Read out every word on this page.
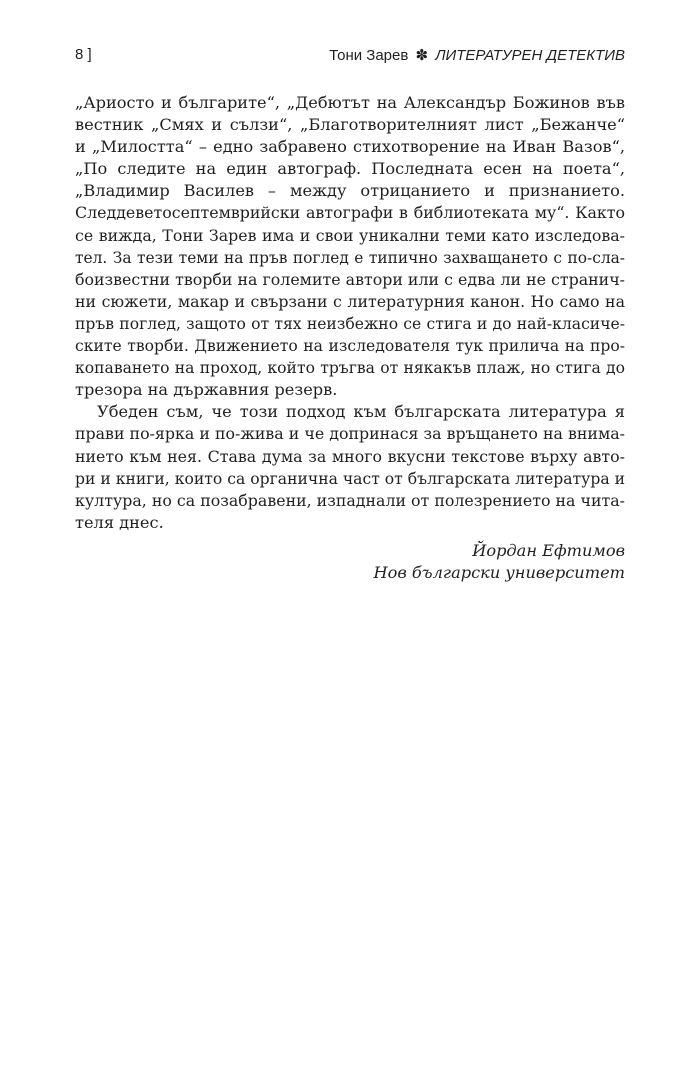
8 ]	Тони Зарев ✽ ЛИТЕРАТУРЕН ДЕТЕКТИВ
„Ариосто и българите“, „Дебютът на Александър Божинов във
вестник „Смях и сълзи“, „Благотворителният лист „Бежанче“
и „Милостта“ – едно забравено стихотворение на Иван Вазов“,
„По следите на един автограф. Последната есен на поета“,
„Владимир Василев – между отрицанието и признанието.
Следдеветосептемврийски автографи в библиотеката му“. Както
се вижда, Тони Зарев има и свои уникални теми като изследова-
тел. За тези теми на пръв поглед е типично захващането с по-сла-
боизвестни творби на големите автори или с едва ли не странич-
ни сюжети, макар и свързани с литературния канон. Но само на
пръв поглед, защото от тях неизбежно се стига и до най-класиче-
ските творби. Движението на изследователя тук прилича на про-
копаването на проход, който тръгва от някакъв плаж, но стига до
трезора на държавния резерв.
Убеден съм, че този подход към българската литература я
прави по-ярка и по-жива и че допринася за връщането на внима-
нието към нея. Става дума за много вкусни текстове върху авто-
ри и книги, които са органична част от българската литература и
култура, но са позабравени, изпаднали от полезрението на чита-
теля днес.
Йордан Ефтимов
Нов български университет
